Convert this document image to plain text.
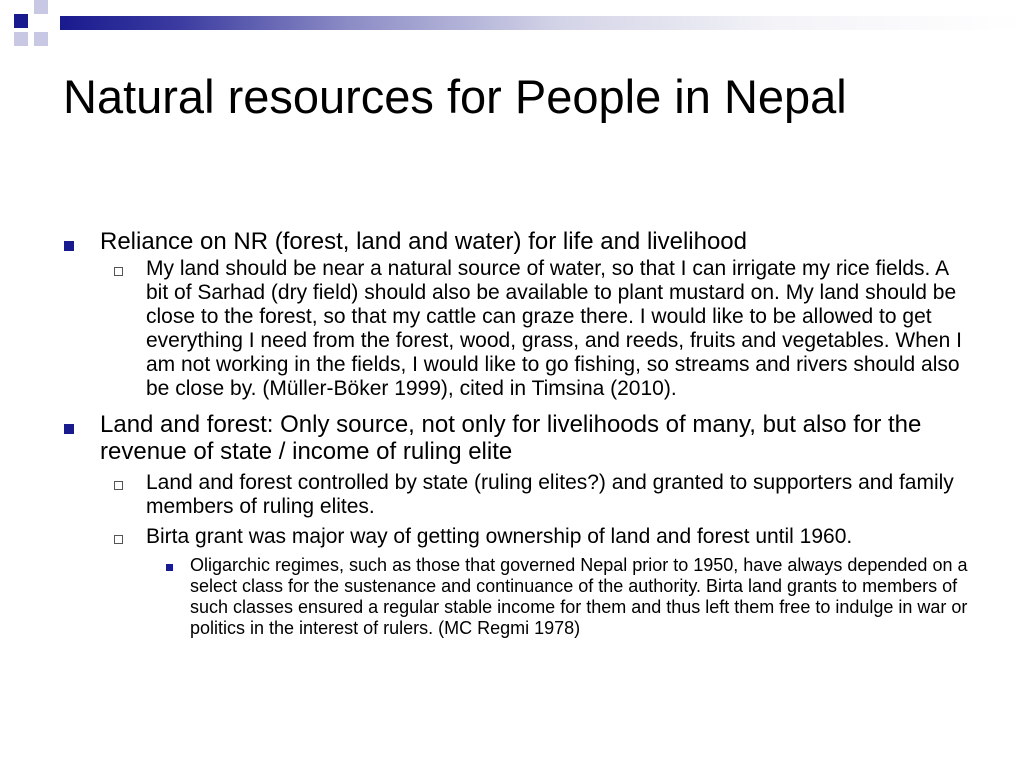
Natural resources for People in Nepal
Reliance on NR (forest, land and water) for life and livelihood
My land should be near a natural source of water, so that I can irrigate my rice fields. A bit of Sarhad (dry field) should also be available to plant mustard on. My land should be close to the forest, so that my cattle can graze there. I would like to be allowed to get everything I need from the forest, wood, grass, and reeds, fruits and vegetables. When I am not working in the fields, I would like to go fishing, so streams and rivers should also be close by. (Müller-Böker 1999), cited in Timsina (2010).
Land and forest: Only source, not only for livelihoods of many, but also for the revenue of state / income of ruling elite
Land and forest controlled by state (ruling elites?) and granted to supporters and family members of ruling elites.
Birta grant was major way of getting ownership of land and forest until 1960.
Oligarchic regimes, such as those that governed Nepal prior to 1950, have always depended on a select class for the sustenance and continuance of the authority. Birta land grants to members of such classes ensured a regular stable income for them and thus left them free to indulge in war or politics in the interest of rulers. (MC Regmi 1978)
